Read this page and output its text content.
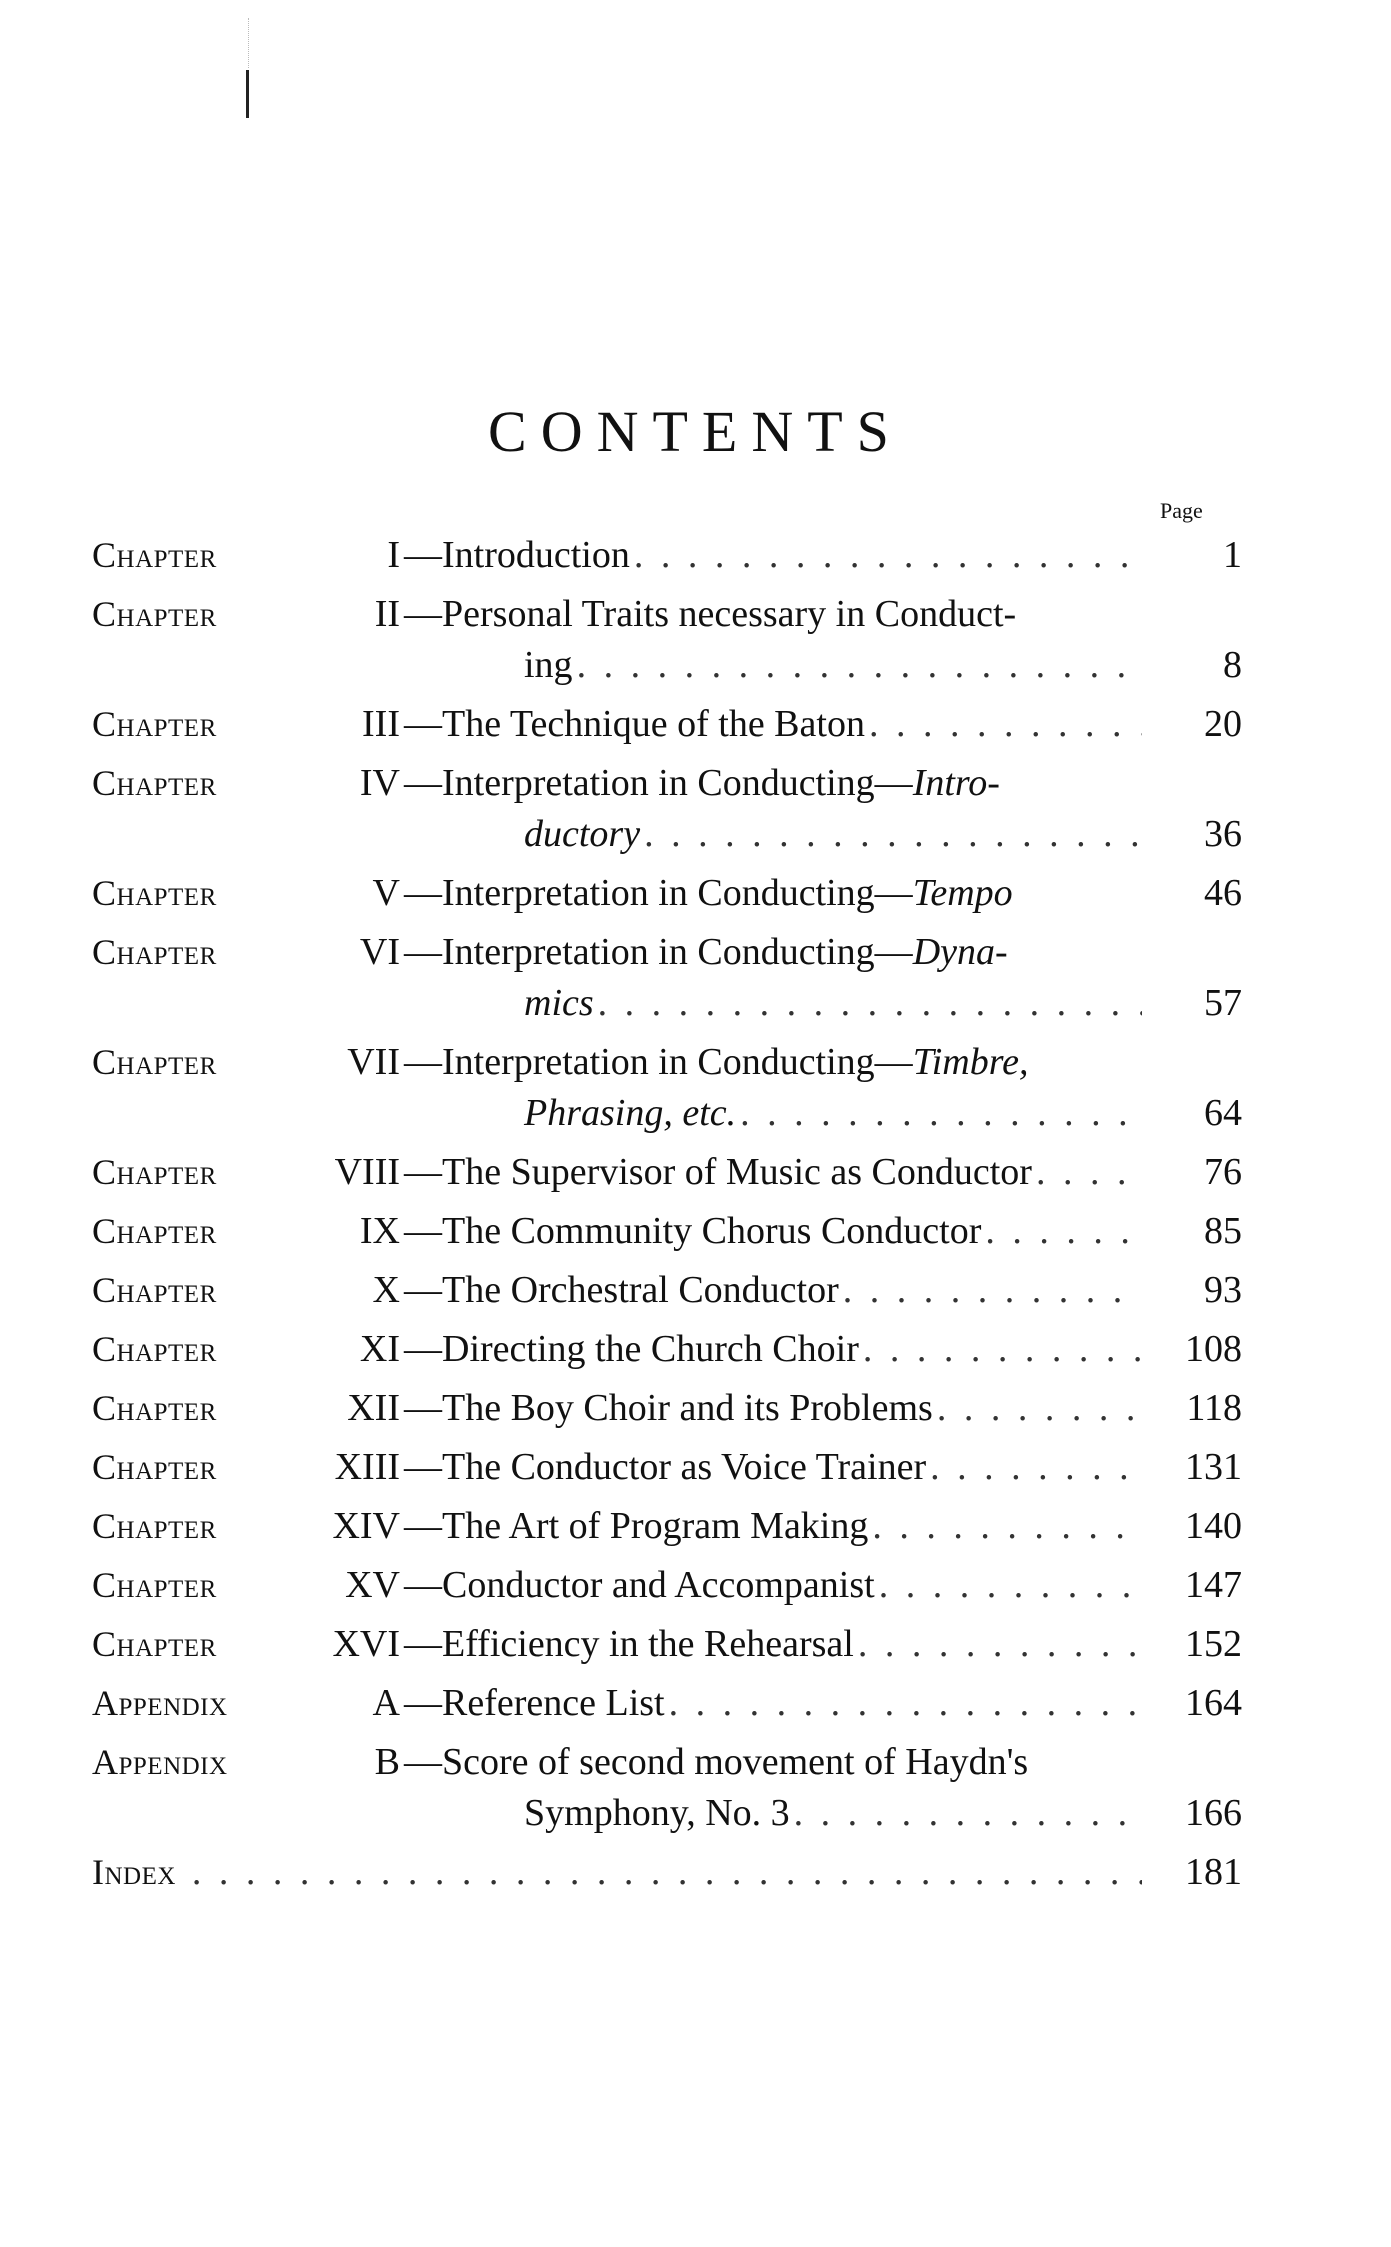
CONTENTS
Page
Chapter	I —Introduction . . .	1
Chapter	II —Personal Traits necessary in Conduct-
ing . . .	8
Chapter	III —The Technique of the Baton . . .	20
Chapter	IV —Interpretation in Conducting— Intro-
ductory . . .	36
Chapter	V —Interpretation in Conducting— Tempo	46
Chapter	VI —Interpretation in Conducting— Dyna-
mics . . .	57
Chapter	VII —Interpretation in Conducting— Timbre,
Phrasing, etc. . . .	64
Chapter	VIII —The Supervisor of Music as Conductor . . .	76
Chapter	IX —The Community Chorus Conductor . . .	85
Chapter	X —The Orchestral Conductor . . .	93
Chapter	XI —Directing the Church Choir . . .	108
Chapter	XII —The Boy Choir and its Problems . . .	118
Chapter	XIII —The Conductor as Voice Trainer . . .	131
Chapter	XIV —The Art of Program Making . . .	140
Chapter	XV —Conductor and Accompanist . . .	147
Chapter	XVI —Efficiency in the Rehearsal . . .	152
Appendix	A —Reference List . . .	164
Appendix	B —Score of second movement of Haydn's
Symphony, No. 3 . . .	166
Index . . .	181
